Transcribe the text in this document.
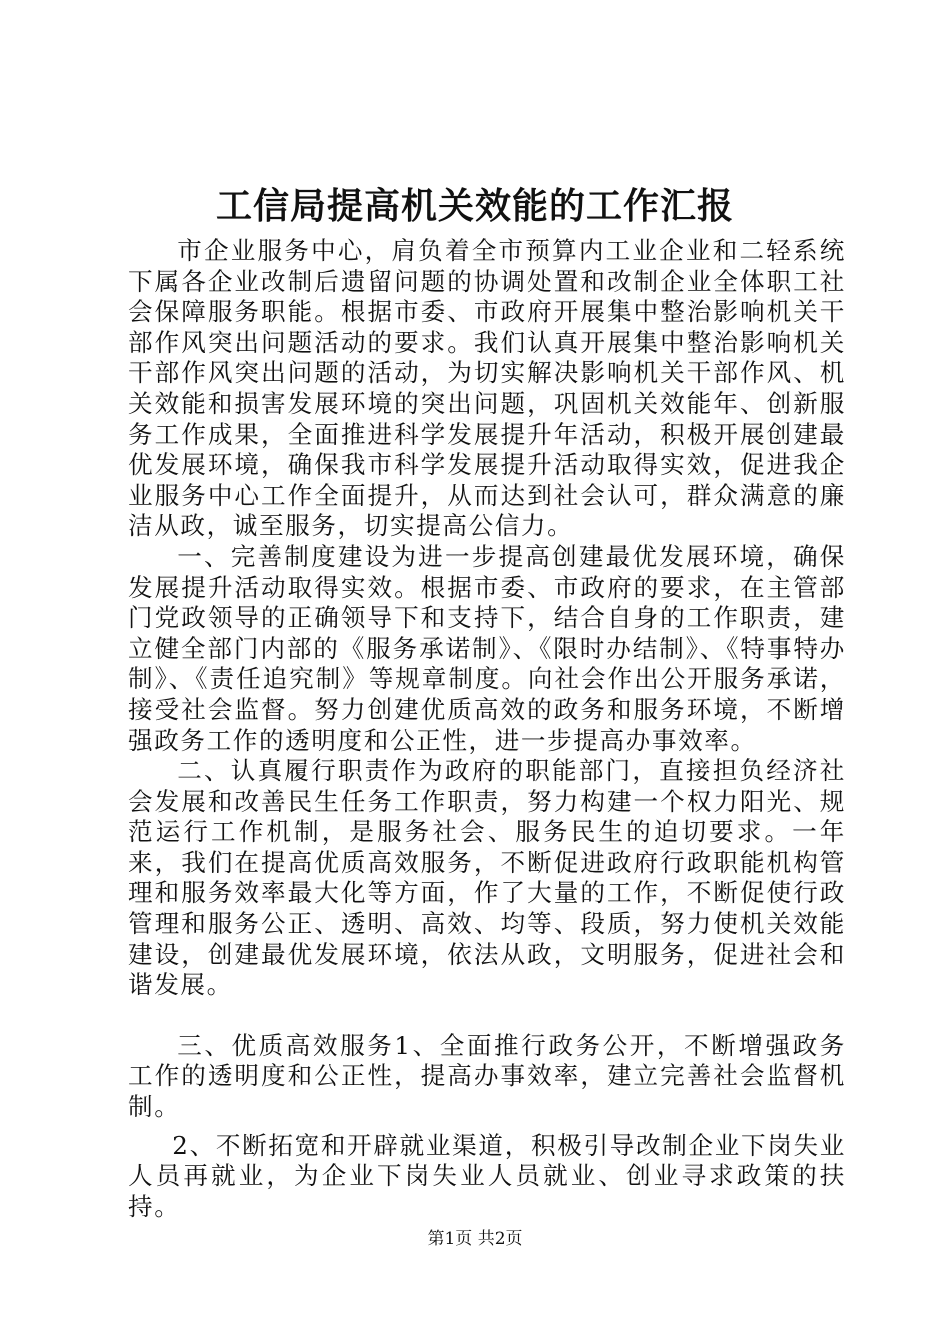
工信局提高机关效能的工作汇报

市企业服务中心，肩负着全市预算内工业企业和二轻系统下属各企业改制后遗留问题的协调处置和改制企业全体职工社会保障服务职能。根据市委、市政府开展集中整治影响机关干部作风突出问题活动的要求。我们认真开展集中整治影响机关干部作风突出问题的活动，为切实解决影响机关干部作风、机关效能和损害发展环境的突出问题，巩固机关效能年、创新服务工作成果，全面推进科学发展提升年活动，积极开展创建最优发展环境，确保我市科学发展提升活动取得实效，促进我企业服务中心工作全面提升，从而达到社会认可，群众满意的廉洁从政，诚至服务，切实提高公信力。

一、完善制度建设为进一步提高创建最优发展环境，确保发展提升活动取得实效。根据市委、市政府的要求，在主管部门党政领导的正确领导下和支持下，结合自身的工作职责，建立健全部门内部的《服务承诺制》、《限时办结制》、《特事特办制》、《责任追究制》等规章制度。向社会作出公开服务承诺，接受社会监督。努力创建优质高效的政务和服务环境，不断增强政务工作的透明度和公正性，进一步提高办事效率。

二、认真履行职责作为政府的职能部门，直接担负经济社会发展和改善民生任务工作职责，努力构建一个权力阳光、规范运行工作机制，是服务社会、服务民生的迫切要求。一年来，我们在提高优质高效服务，不断促进政府行政职能机构管理和服务效率最大化等方面，作了大量的工作，不断促使行政管理和服务公正、透明、高效、均等、段质，努力使机关效能建设，创建最优发展环境，依法从政，文明服务，促进社会和谐发展。

三、优质高效服务1、全面推行政务公开，不断增强政务工作的透明度和公正性，提高办事效率，建立完善社会监督机制。

2、不断拓宽和开辟就业渠道，积极引导改制企业下岗失业人员再就业，为企业下岗失业人员就业、创业寻求政策的扶持。

第1页 共2页
